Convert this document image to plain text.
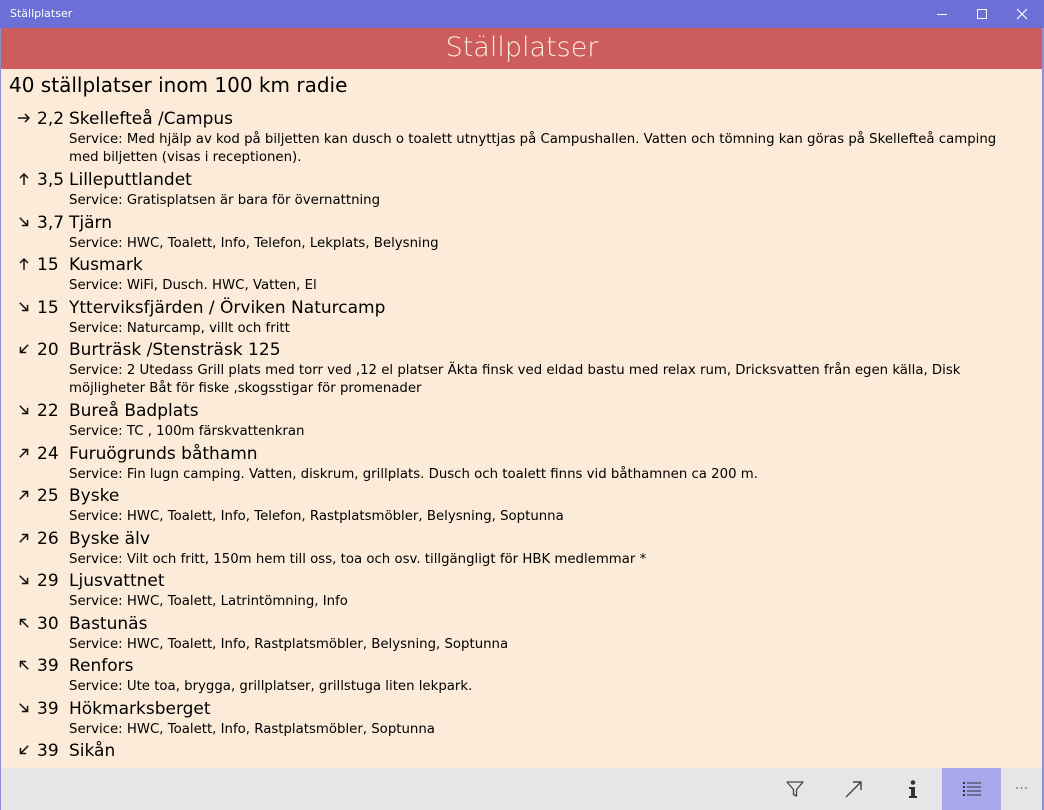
Ställplatser
Ställplatser
40 ställplatser inom 100 km radie
2,2 Skellefteå /Campus
Service: Med hjälp av kod på biljetten kan dusch o toalett utnyttjas på Campushallen. Vatten och tömning kan göras på Skellefteå camping med biljetten (visas i receptionen).
3,5 Lilleputtlandet
Service: Gratisplatsen är bara för övernattning
3,7 Tjärn
Service: HWC, Toalett, Info, Telefon, Lekplats, Belysning
15 Kusmark
Service: WiFi, Dusch. HWC, Vatten, El
15 Ytterviksfjärden / Örviken Naturcamp
Service: Naturcamp, villt och fritt
20 Burträsk /Stensträsk 125
Service: 2 Utedass Grill plats med torr ved ,12 el platser Äkta finsk ved eldad bastu med relax rum, Dricksvatten från egen källa, Disk möjligheter Båt för fiske ,skogsstigar för promenader
22 Bureå Badplats
Service: TC , 100m färskvattenkran
24 Furuögrunds båthamn
Service: Fin lugn camping. Vatten, diskrum, grillplats. Dusch och toalett finns vid båthamnen ca 200 m.
25 Byske
Service: HWC, Toalett, Info, Telefon, Rastplatsmöbler, Belysning, Soptunna
26 Byske älv
Service: Vilt och fritt, 150m hem till oss, toa och osv. tillgängligt för HBK medlemmar *
29 Ljusvattnet
Service: HWC, Toalett, Latrintömning, Info
30 Bastunäs
Service: HWC, Toalett, Info, Rastplatsmöbler, Belysning, Soptunna
39 Renfors
Service: Ute toa, brygga, grillplatser, grillstuga liten lekpark.
39 Hökmarksberget
Service: HWC, Toalett, Info, Rastplatsmöbler, Soptunna
39 Sikån
···
